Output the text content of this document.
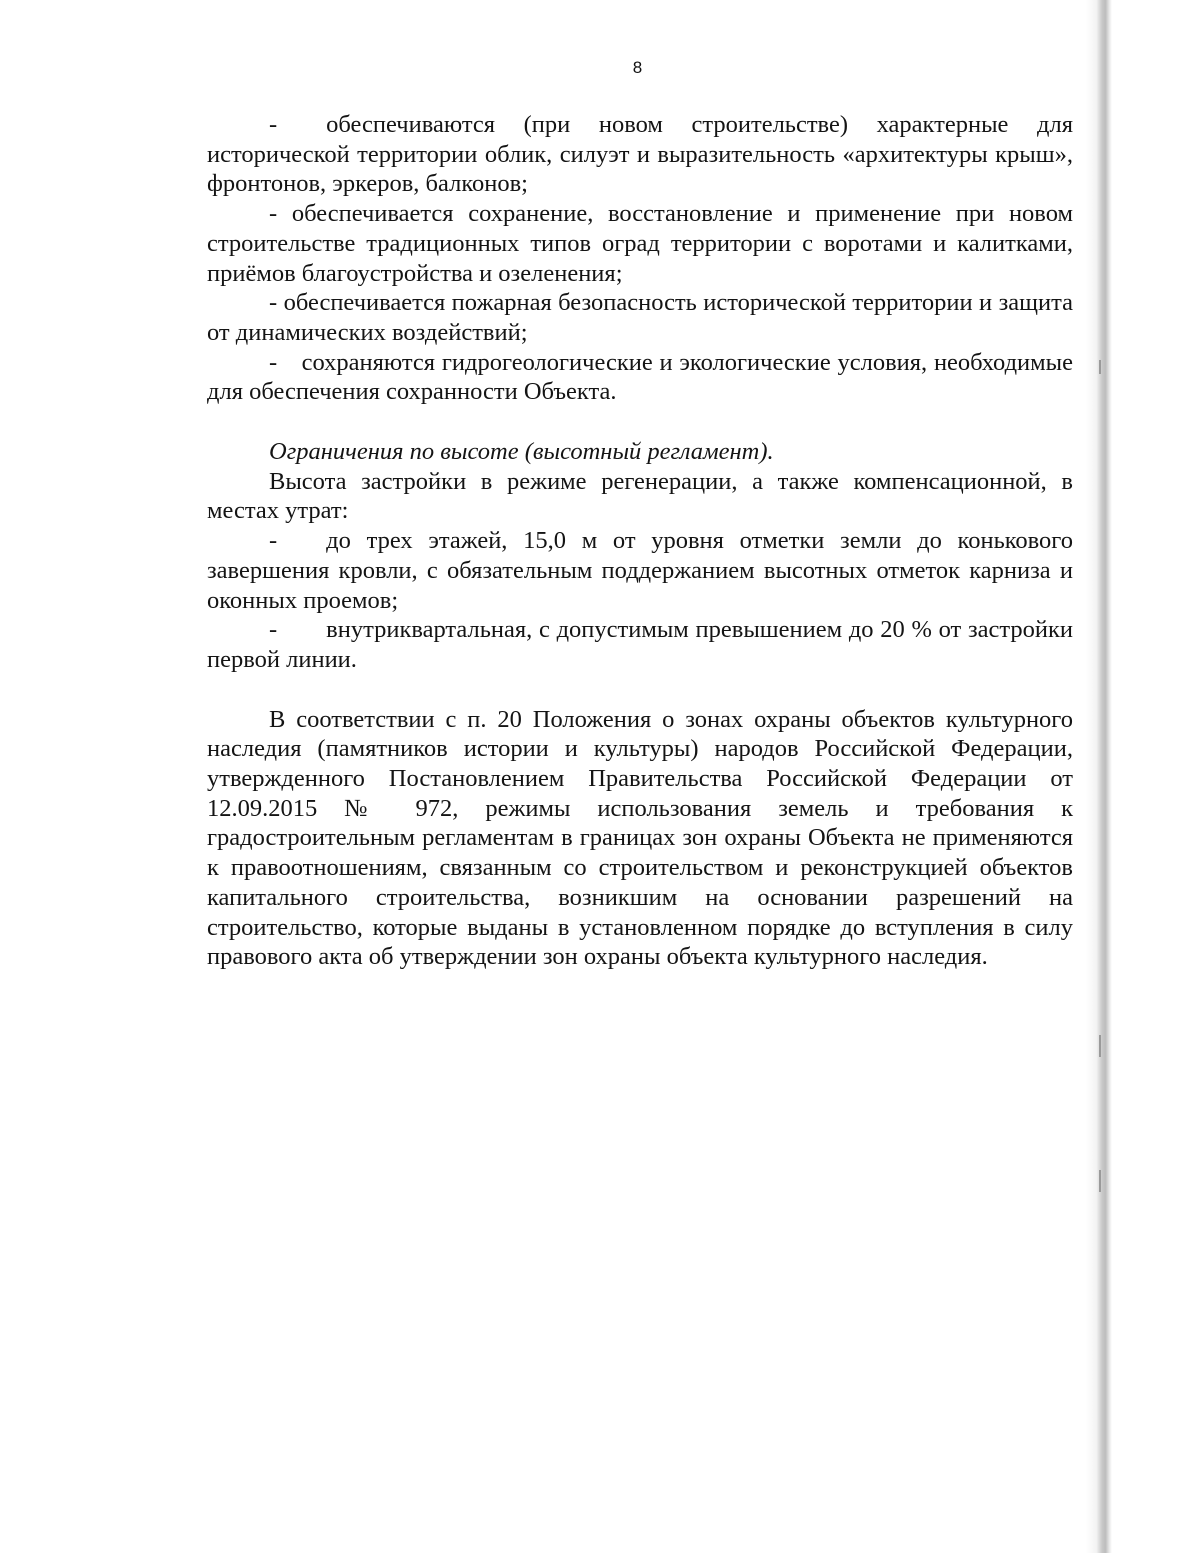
8

-  обеспечиваются (при новом строительстве) характерные для исторической территории облик, силуэт и выразительность «архитектуры крыш», фронтонов, эркеров, балконов;

- обеспечивается сохранение, восстановление и применение при новом строительстве традиционных типов оград территории с воротами и калитками, приёмов благоустройства и озеленения;

- обеспечивается пожарная безопасность исторической территории и защита от динамических воздействий;

- сохраняются гидрогеологические и экологические условия, необходимые для обеспечения сохранности Объекта.

Ограничения по высоте (высотный регламент).

Высота застройки в режиме регенерации, а также компенсационной, в местах утрат:

-  до трех этажей, 15,0 м от уровня отметки земли до конькового завершения кровли, с обязательным поддержанием высотных отметок карниза и оконных проемов;

-  внутриквартальная, с допустимым превышением до 20 % от застройки первой линии.

В соответствии с п. 20 Положения о зонах охраны объектов культурного наследия (памятников истории и культуры) народов Российской Федерации, утвержденного Постановлением Правительства Российской Федерации от 12.09.2015 № 972, режимы использования земель и требования к градостроительным регламентам в границах зон охраны Объекта не применяются к правоотношениям, связанным со строительством и реконструкцией объектов капитального строительства, возникшим на основании разрешений на строительство, которые выданы в установленном порядке до вступления в силу правового акта об утверждении зон охраны объекта культурного наследия.
